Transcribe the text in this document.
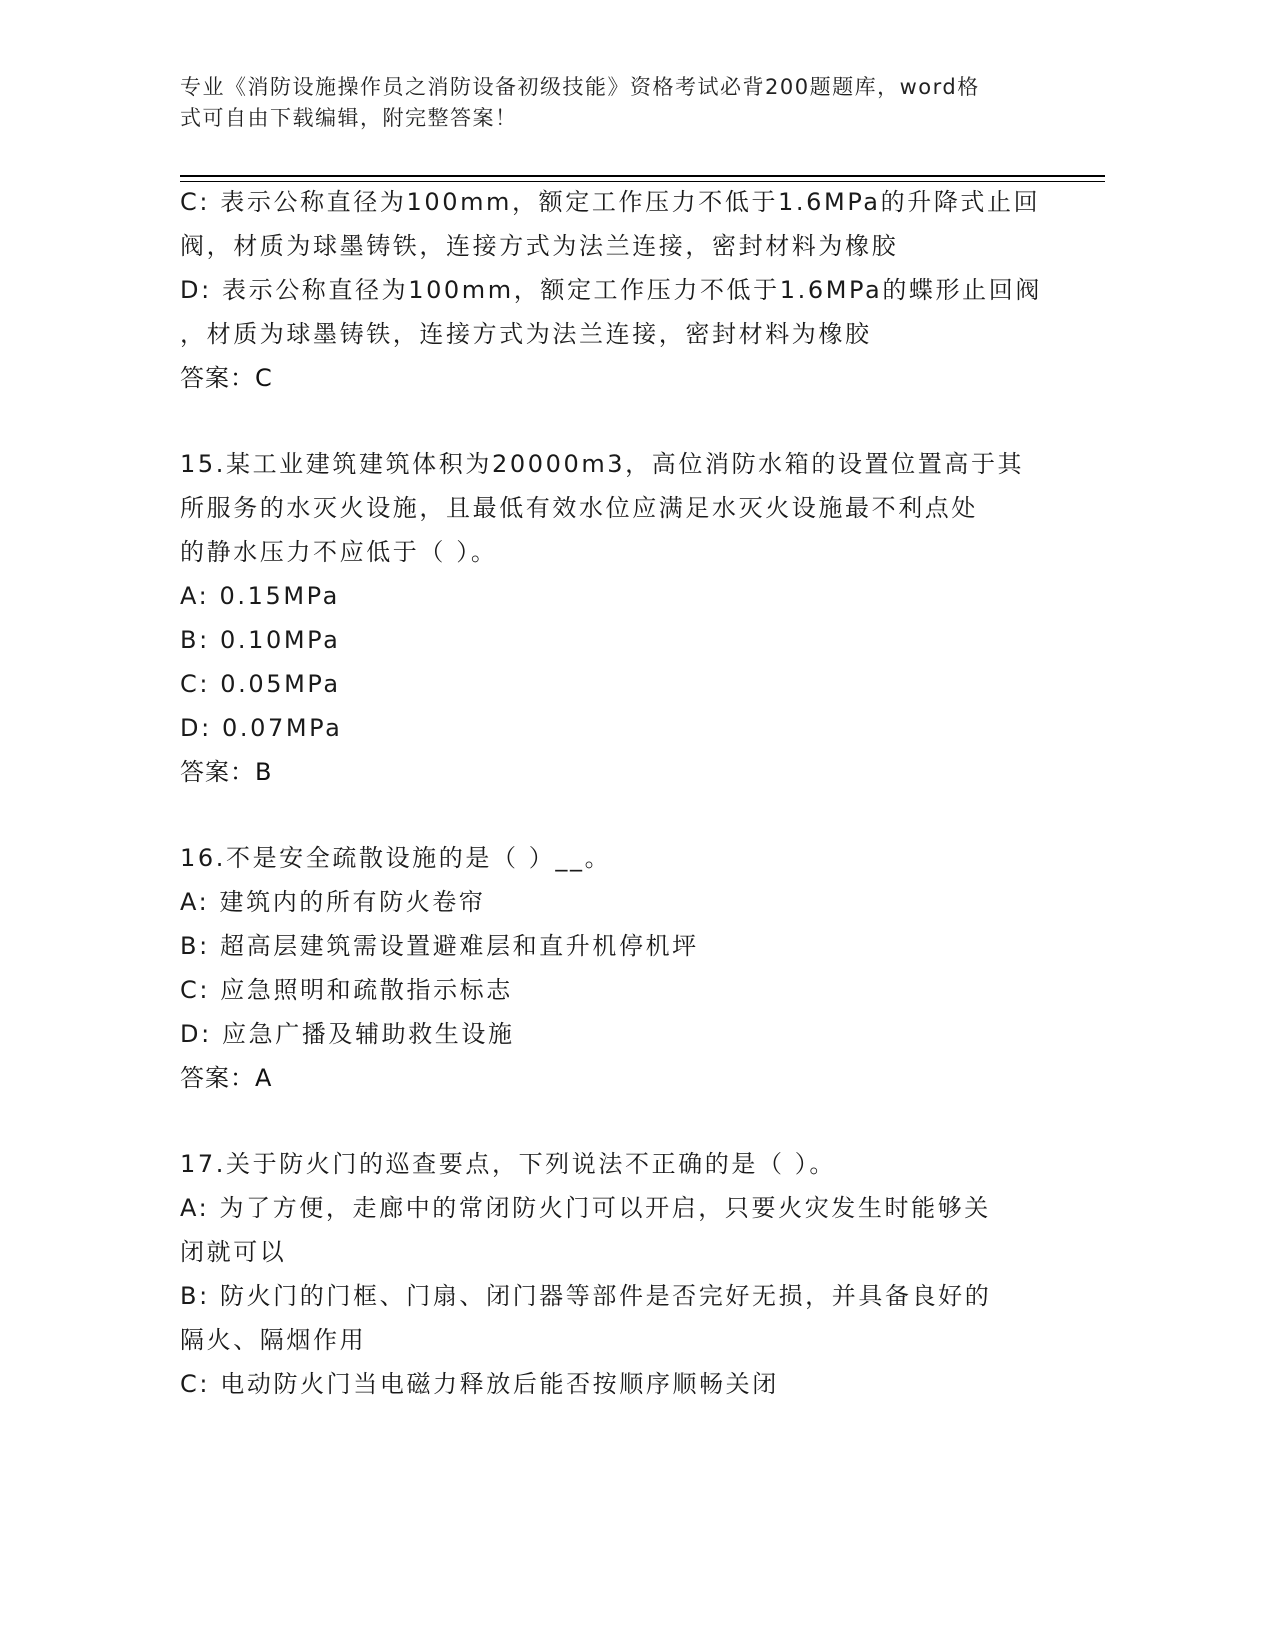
专业《消防设施操作员之消防设备初级技能》资格考试必背200题题库，word格
式可自由下载编辑，附完整答案！
C: 表示公称直径为100mm，额定工作压力不低于1.6MPa的升降式止回
阀，材质为球墨铸铁，连接方式为法兰连接，密封材料为橡胶
D: 表示公称直径为100mm，额定工作压力不低于1.6MPa的蝶形止回阀
，材质为球墨铸铁，连接方式为法兰连接，密封材料为橡胶
答案：C
15.某工业建筑建筑体积为20000m3，高位消防水箱的设置位置高于其
所服务的水灭火设施，且最低有效水位应满足水灭火设施最不利点处
的静水压力不应低于（ ）。
A: 0.15MPa
B: 0.10MPa
C: 0.05MPa
D: 0.07MPa
答案：B
16.不是安全疏散设施的是（ ）__。
A: 建筑内的所有防火卷帘
B: 超高层建筑需设置避难层和直升机停机坪
C: 应急照明和疏散指示标志
D: 应急广播及辅助救生设施
答案：A
17.关于防火门的巡查要点，下列说法不正确的是（ ）。
A: 为了方便，走廊中的常闭防火门可以开启，只要火灾发生时能够关
闭就可以
B: 防火门的门框、门扇、闭门器等部件是否完好无损，并具备良好的
隔火、隔烟作用
C: 电动防火门当电磁力释放后能否按顺序顺畅关闭
